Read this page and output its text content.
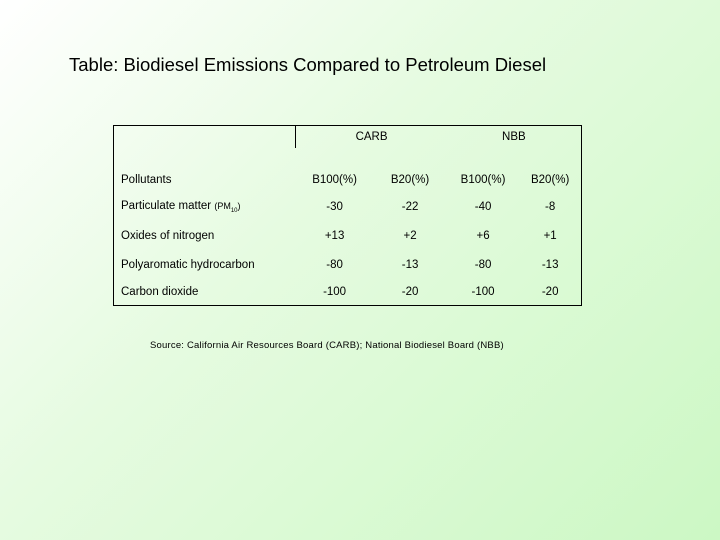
Table: Biodiesel Emissions Compared to Petroleum Diesel
	CARB		NBB	

Pollutants	B100(%)	B20(%)	B100(%)	B20(%)
Particulate matter $(PM_{10})$	-30	-22	-40	-8
Oxides of nitrogen	+13	+2	+6	+1
Polyaromatic hydrocarbon	-80	-13	-80	-13
Carbon dioxide	-100	-20	-100	-20
Source: California Air Resources Board (CARB); National Biodiesel Board (NBB)
